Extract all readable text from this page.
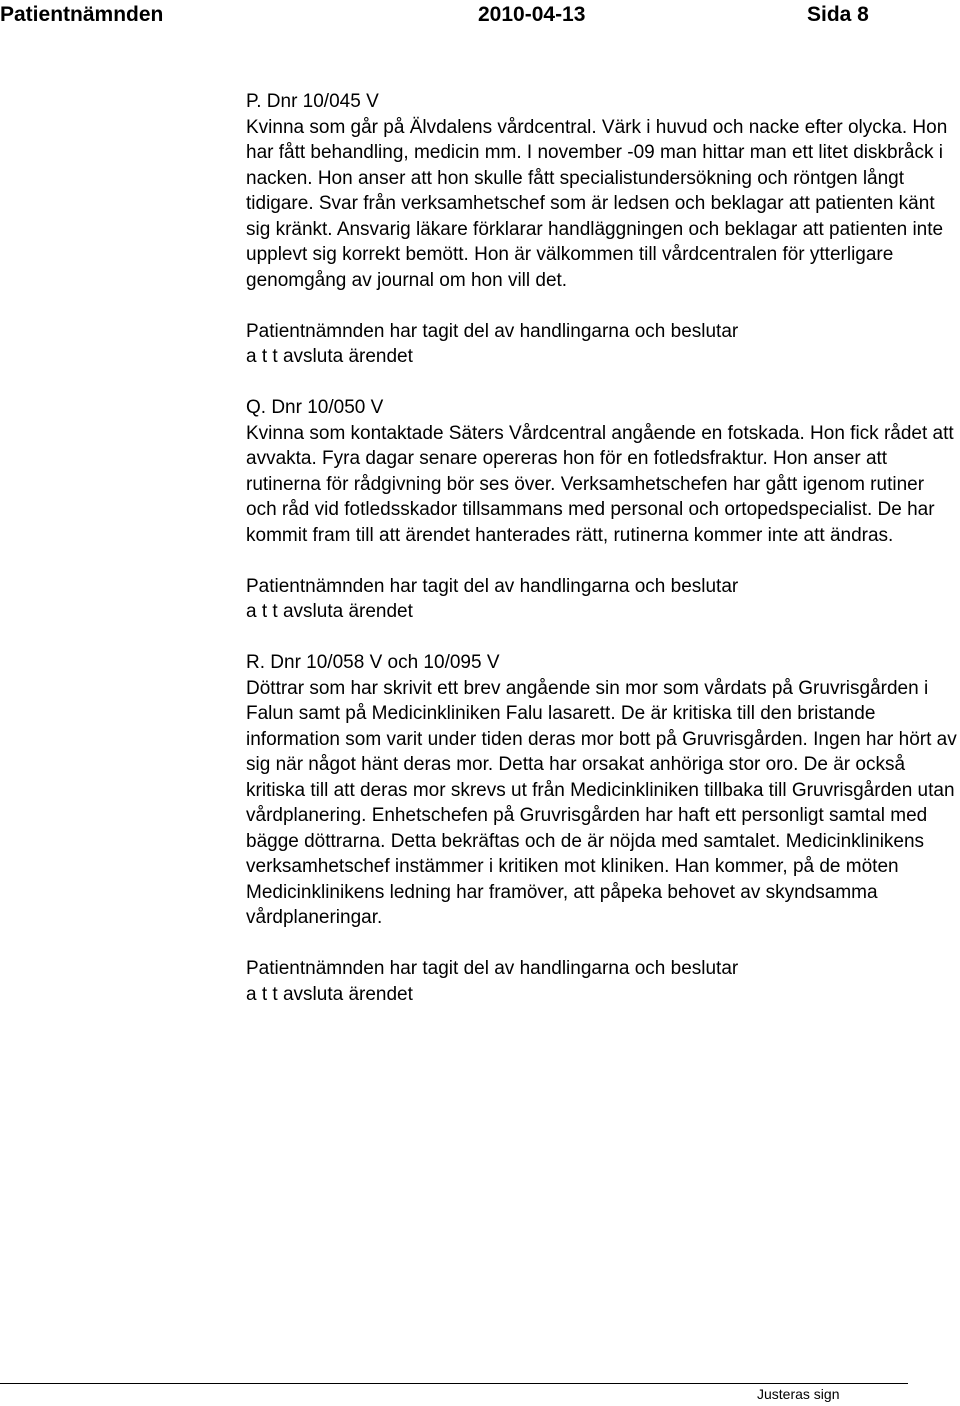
Patientnämnden	2010-04-13	Sida 8

P. Dnr 10/045 V

Kvinna som går på Älvdalens vårdcentral. Värk i huvud och nacke efter olycka. Hon har fått behandling, medicin mm. I november -09 man hittar man ett litet diskbråck i nacken. Hon anser att hon skulle fått specialistundersökning och röntgen långt tidigare. Svar från verksamhetschef som är ledsen och beklagar att patienten känt sig kränkt. Ansvarig läkare förklarar handläggningen och beklagar att patienten inte upplevt sig korrekt bemött. Hon är välkommen till vårdcentralen för ytterligare genomgång av journal om hon vill det.

Patientnämnden har tagit del av handlingarna och beslutar

a t t avsluta ärendet

Q. Dnr 10/050 V

Kvinna som kontaktade Säters Vårdcentral angående en fotskada. Hon fick rådet att avvakta. Fyra dagar senare opereras hon för en fotledsfraktur. Hon anser att rutinerna för rådgivning bör ses över. Verksamhetschefen har gått igenom rutiner och råd vid fotledsskador tillsammans med personal och ortopedspecialist. De har kommit fram till att ärendet hanterades rätt, rutinerna kommer inte att ändras.

Patientnämnden har tagit del av handlingarna och beslutar

a t t avsluta ärendet

R. Dnr 10/058 V och 10/095 V

Döttrar som har skrivit ett brev angående sin mor som vårdats på Gruvrisgården i Falun samt på Medicinkliniken Falu lasarett. De är kritiska till den bristande information som varit under tiden deras mor bott på Gruvrisgården. Ingen har hört av sig när något hänt deras mor. Detta har orsakat anhöriga stor oro. De är också kritiska till att deras mor skrevs ut från Medicinkliniken tillbaka till Gruvrisgården utan vårdplanering. Enhetschefen på Gruvrisgården har haft ett personligt samtal med bägge döttrarna. Detta bekräftas och de är nöjda med samtalet. Medicinklinikens verksamhetschef instämmer i kritiken mot kliniken. Han kommer, på de möten Medicinklinikens ledning har framöver, att påpeka behovet av skyndsamma vårdplaneringar.

Patientnämnden har tagit del av handlingarna och beslutar

a t t avsluta ärendet

Justeras sign
